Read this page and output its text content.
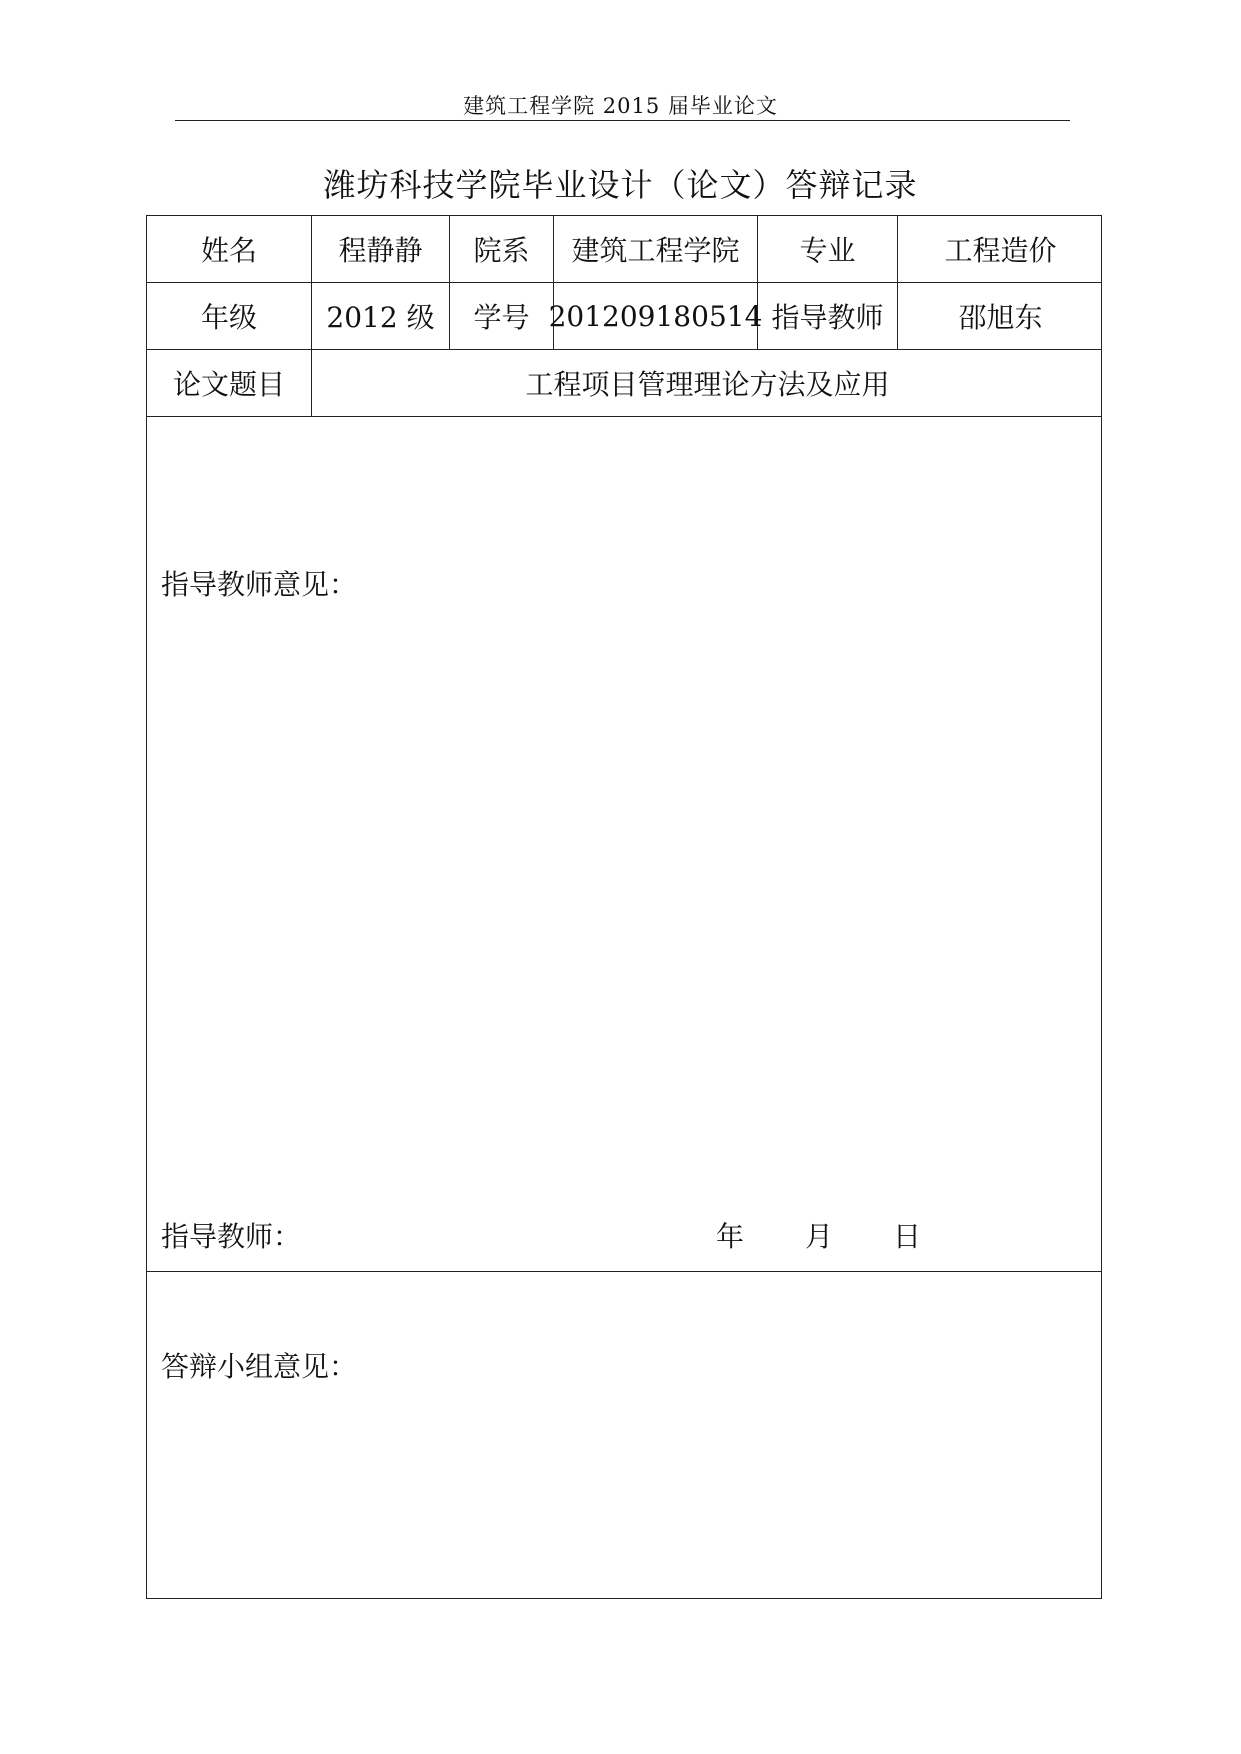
建筑工程学院 2015 届毕业论文
潍坊科技学院毕业设计（论文）答辩记录
姓名	程静静	院系	建筑工程学院	专业	工程造价
年级	2012 级	学号 201209180514 指导教师	邵旭东
论文题目	工程项目管理理论方法及应用
指导教师意见：
指导教师：	年 月 日
答辩小组意见：
